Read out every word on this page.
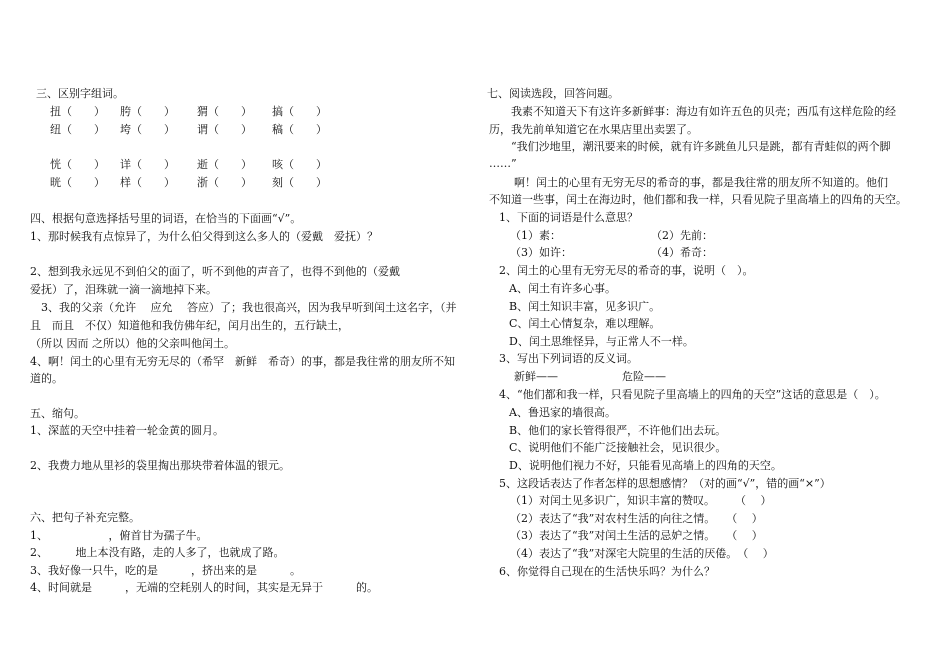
三、区别字组词。
扭（　　） 胯（　　） 猬（　　） 搞（　　）
纽（　　） 垮（　　） 谓（　　） 稿（　　）
恍（　　） 详（　　） 逝（　　） 咳（　　）
晄（　　） 样（　　） 浙（　　） 刻（　　）
四、根据句意选择括号里的词语，在恰当的下面画“√”。
1、那时候我有点惊异了，为什么伯父得到这么多人的（爱戴　爱抚）？
2、想到我永远见不到伯父的面了，听不到他的声音了，也得不到他的（爱戴
爱抚）了，泪珠就一滴一滴地掉下来。
　3、我的父亲（允许　 应允　 答应）了；我也很高兴，因为我早听到闰土这名字，（并
且　而且　不仅）知道他和我仿佛年纪，闰月出生的，五行缺土，
（所以 因而 之所以）他的父亲叫他闰土。
4、啊！闰土的心里有无穷无尽的（希罕　新鲜　希奇）的事，都是我往常的朋友所不知
道的。
五、缩句。
1、深蓝的天空中挂着一轮金黄的圆月。
2、我费力地从里衫的袋里掏出那块带着体温的银元。
六、把句子补充完整。
1、　　　　　　，俯首甘为孺子牛。
2、　　　地上本没有路，走的人多了，也就成了路。
3、我好像一只牛，吃的是　　　，挤出来的是　　　。
4、时间就是　　　，无端的空耗别人的时间，其实是无异于　　　的。
七、阅读选段，回答问题。
我素不知道天下有这许多新鲜事：海边有如许五色的贝壳；西瓜有这样危险的经
历，我先前单知道它在水果店里出卖罢了。
“我们沙地里，潮汛要来的时候，就有许多跳鱼儿只是跳，都有青蛙似的两个脚
……”
啊！闰土的心里有无穷无尽的希奇的事，都是我往常的朋友所不知道的。他们
不知道一些事，闰土在海边时，他们都和我一样，只看见院子里高墙上的四角的天空。
1、下面的词语是什么意思？
（1）素：	（2）先前：
（3）如许：	（4）希奇：
2、闰土的心里有无穷无尽的希奇的事，说明（　）。
A、闰土有许多心事。
B、闰土知识丰富，见多识广。
C、闰土心情复杂，难以理解。
D、闰土思维怪异，与正常人不一样。
3、写出下列词语的反义词。
新鲜——	危险——
4、“他们都和我一样，只看见院子里高墙上的四角的天空”这话的意思是（　）。
A、鲁迅家的墙很高。
B、他们的家长管得很严，不许他们出去玩。
C、说明他们不能广泛接触社会，见识很少。
D、说明他们视力不好，只能看见高墙上的四角的天空。
5、这段话表达了作者怎样的思想感情？（对的画“√”，错的画“×”）
（1）对闰土见多识广，知识丰富的赞叹。　　 （　 ）
（2）表达了“我”对农村生活的向往之情。　　（　 ）
（3）表达了“我”对闰土生活的忌妒之情。　　（　 ）
（4）表达了“我”对深宅大院里的生活的厌倦。　（　 ）
6、你觉得自己现在的生活快乐吗？为什么？
